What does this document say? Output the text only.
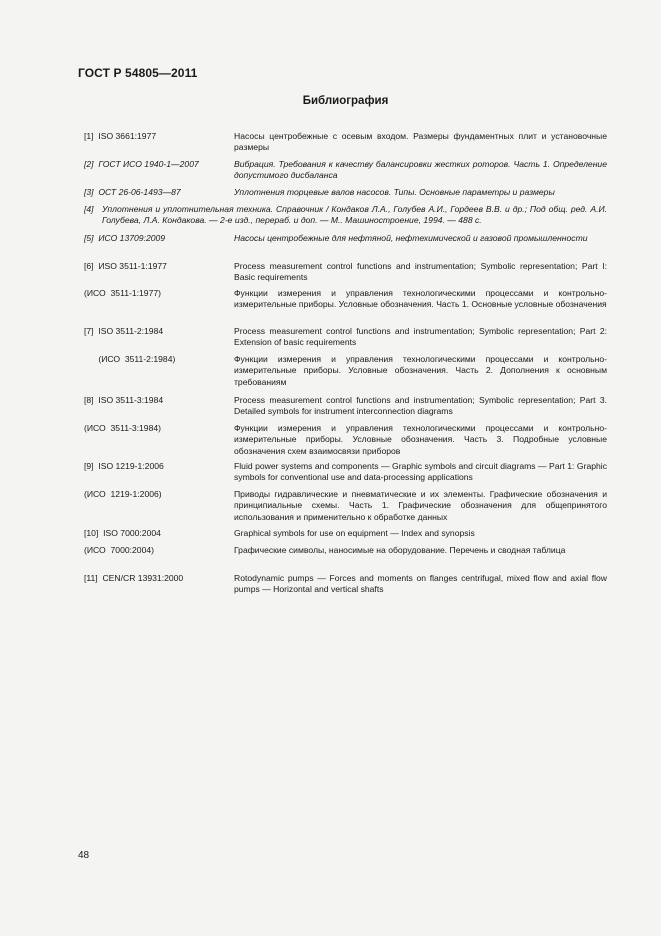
ГОСТ Р 54805—2011
Библиография
[1]  ISO 3661:1977	Насосы центробежные с осевым входом. Размеры фундаментных плит и установочные размеры
[2]  ГОСТ ИСО 1940-1—2007	Вибрация. Требования к качеству балансировки жестких роторов. Часть 1. Определение допустимого дисбаланса
[3]  ОСТ 26-06-1493—87	Уплотнения торцевые валов насосов. Типы. Основные параметры и размеры
[4] Уплотнения и уплотнительная техника. Справочник / Кондаков Л.А., Голубев А.И., Гордеев В.В. и др.; Под общ. ред. А.И. Голубева, Л.А. Кондакова. — 2-е изд., перераб. и доп. — М.. Машиностроение, 1994. — 488 с.
[5]  ИСО 13709:2009	Насосы центробежные для нефтяной, нефтехимической и газовой промышленности
[6]  ИSO 3511-1:1977	Process measurement control functions and instrumentation; Symbolic representation; Part I: Basic requirements
(ИСО  3511-1:1977)	Функции измерения и управления технологическими процессами и контрольно-измерительные приборы. Условные обозначения. Часть 1. Основные условные обозначения
[7]  ISO 3511-2:1984	Process measurement control functions and instrumentation; Symbolic representation; Part 2: Extension of basic requirements
(ИСО  3511-2:1984)	Функции измерения и управления технологическими процессами и контрольно-измерительные приборы. Условные обозначения. Часть 2. Дополнения к основным требованиям
[8]  ISO 3511-3:1984	Process measurement control functions and instrumentation; Symbolic representation; Part 3. Detailed symbols for instrument interconnection diagrams
(ИСО  3511-3:1984)	Функции измерения и управления технологическими процессами и контрольно-измерительные приборы. Условные обозначения. Часть 3. Подробные условные обозначения схем взаимосвязи приборов
[9]  ISO 1219-1:2006	Fluid power systems and components — Graphic symbols and circuit diagrams — Part 1: Graphic symbols for conventional use and data-processing applications
(ИСО  1219-1:2006)	Приводы гидравлические и пневматические и их элементы. Графические обозначения и принципиальные схемы. Часть 1. Графические обозначения для общепринятого использования и применительно к обработке данных
[10]  ISO 7000:2004	Graphical symbols for use on equipment — Index and synopsis
(ИСО  7000:2004)	Графические символы, наносимые на оборудование. Перечень и сводная таблица
[11]  CEN/CR 13931:2000	Rotodynamic pumps — Forces and moments on flanges centrifugal, mixed flow and axial flow pumps — Horizontal and vertical shafts
48
